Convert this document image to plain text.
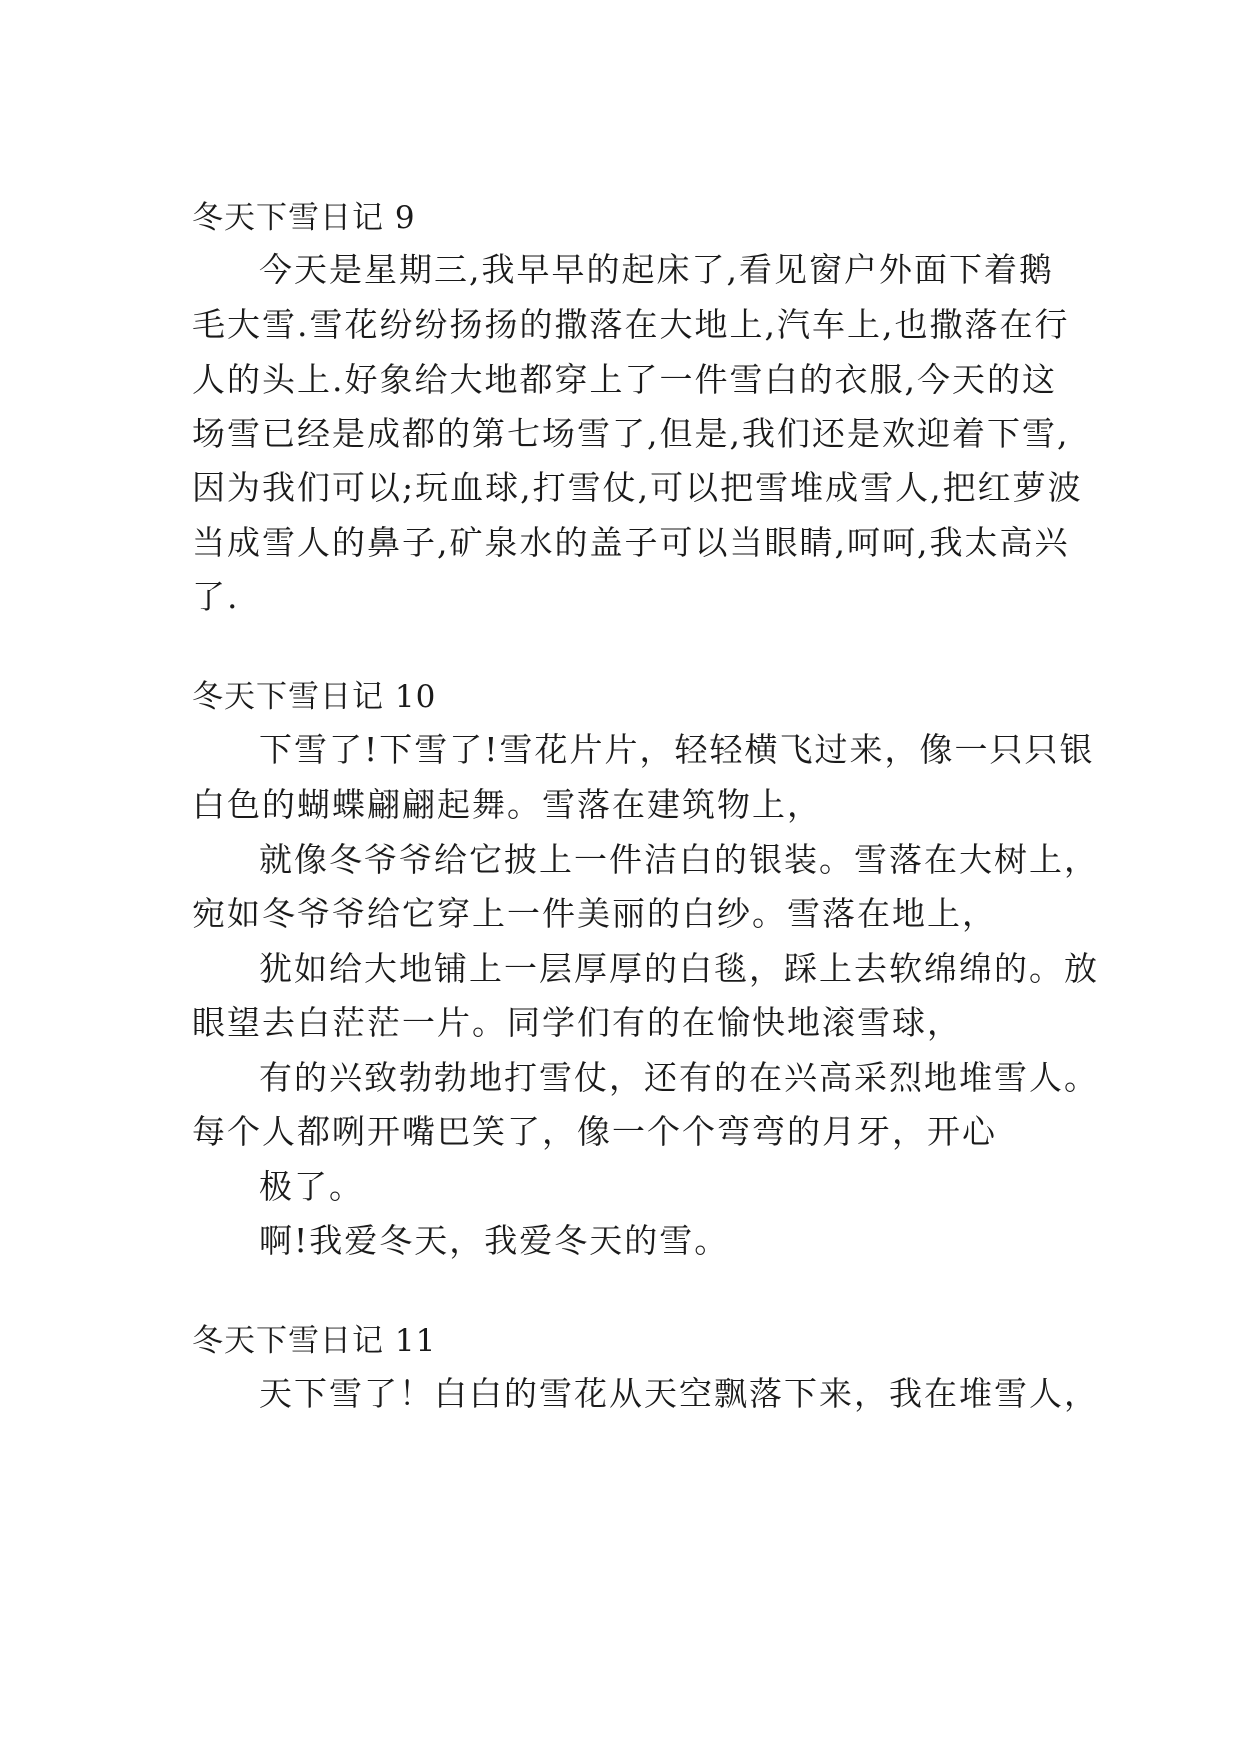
冬天下雪日记 9
今天是星期三,我早早的起床了,看见窗户外面下着鹅
毛大雪.雪花纷纷扬扬的撒落在大地上,汽车上,也撒落在行
人的头上.好象给大地都穿上了一件雪白的衣服,今天的这
场雪已经是成都的第七场雪了,但是,我们还是欢迎着下雪,
因为我们可以;玩血球,打雪仗,可以把雪堆成雪人,把红萝波
当成雪人的鼻子,矿泉水的盖子可以当眼睛,呵呵,我太高兴
了.
冬天下雪日记 10
下雪了!下雪了!雪花片片，轻轻横飞过来，像一只只银
白色的蝴蝶翩翩起舞。雪落在建筑物上，
就像冬爷爷给它披上一件洁白的银装。雪落在大树上，
宛如冬爷爷给它穿上一件美丽的白纱。雪落在地上，
犹如给大地铺上一层厚厚的白毯，踩上去软绵绵的。放
眼望去白茫茫一片。同学们有的在愉快地滚雪球，
有的兴致勃勃地打雪仗，还有的在兴高采烈地堆雪人。
每个人都咧开嘴巴笑了，像一个个弯弯的月牙，开心
极了。
啊!我爱冬天，我爱冬天的雪。
冬天下雪日记 11
天下雪了！白白的雪花从天空飘落下来，我在堆雪人，
